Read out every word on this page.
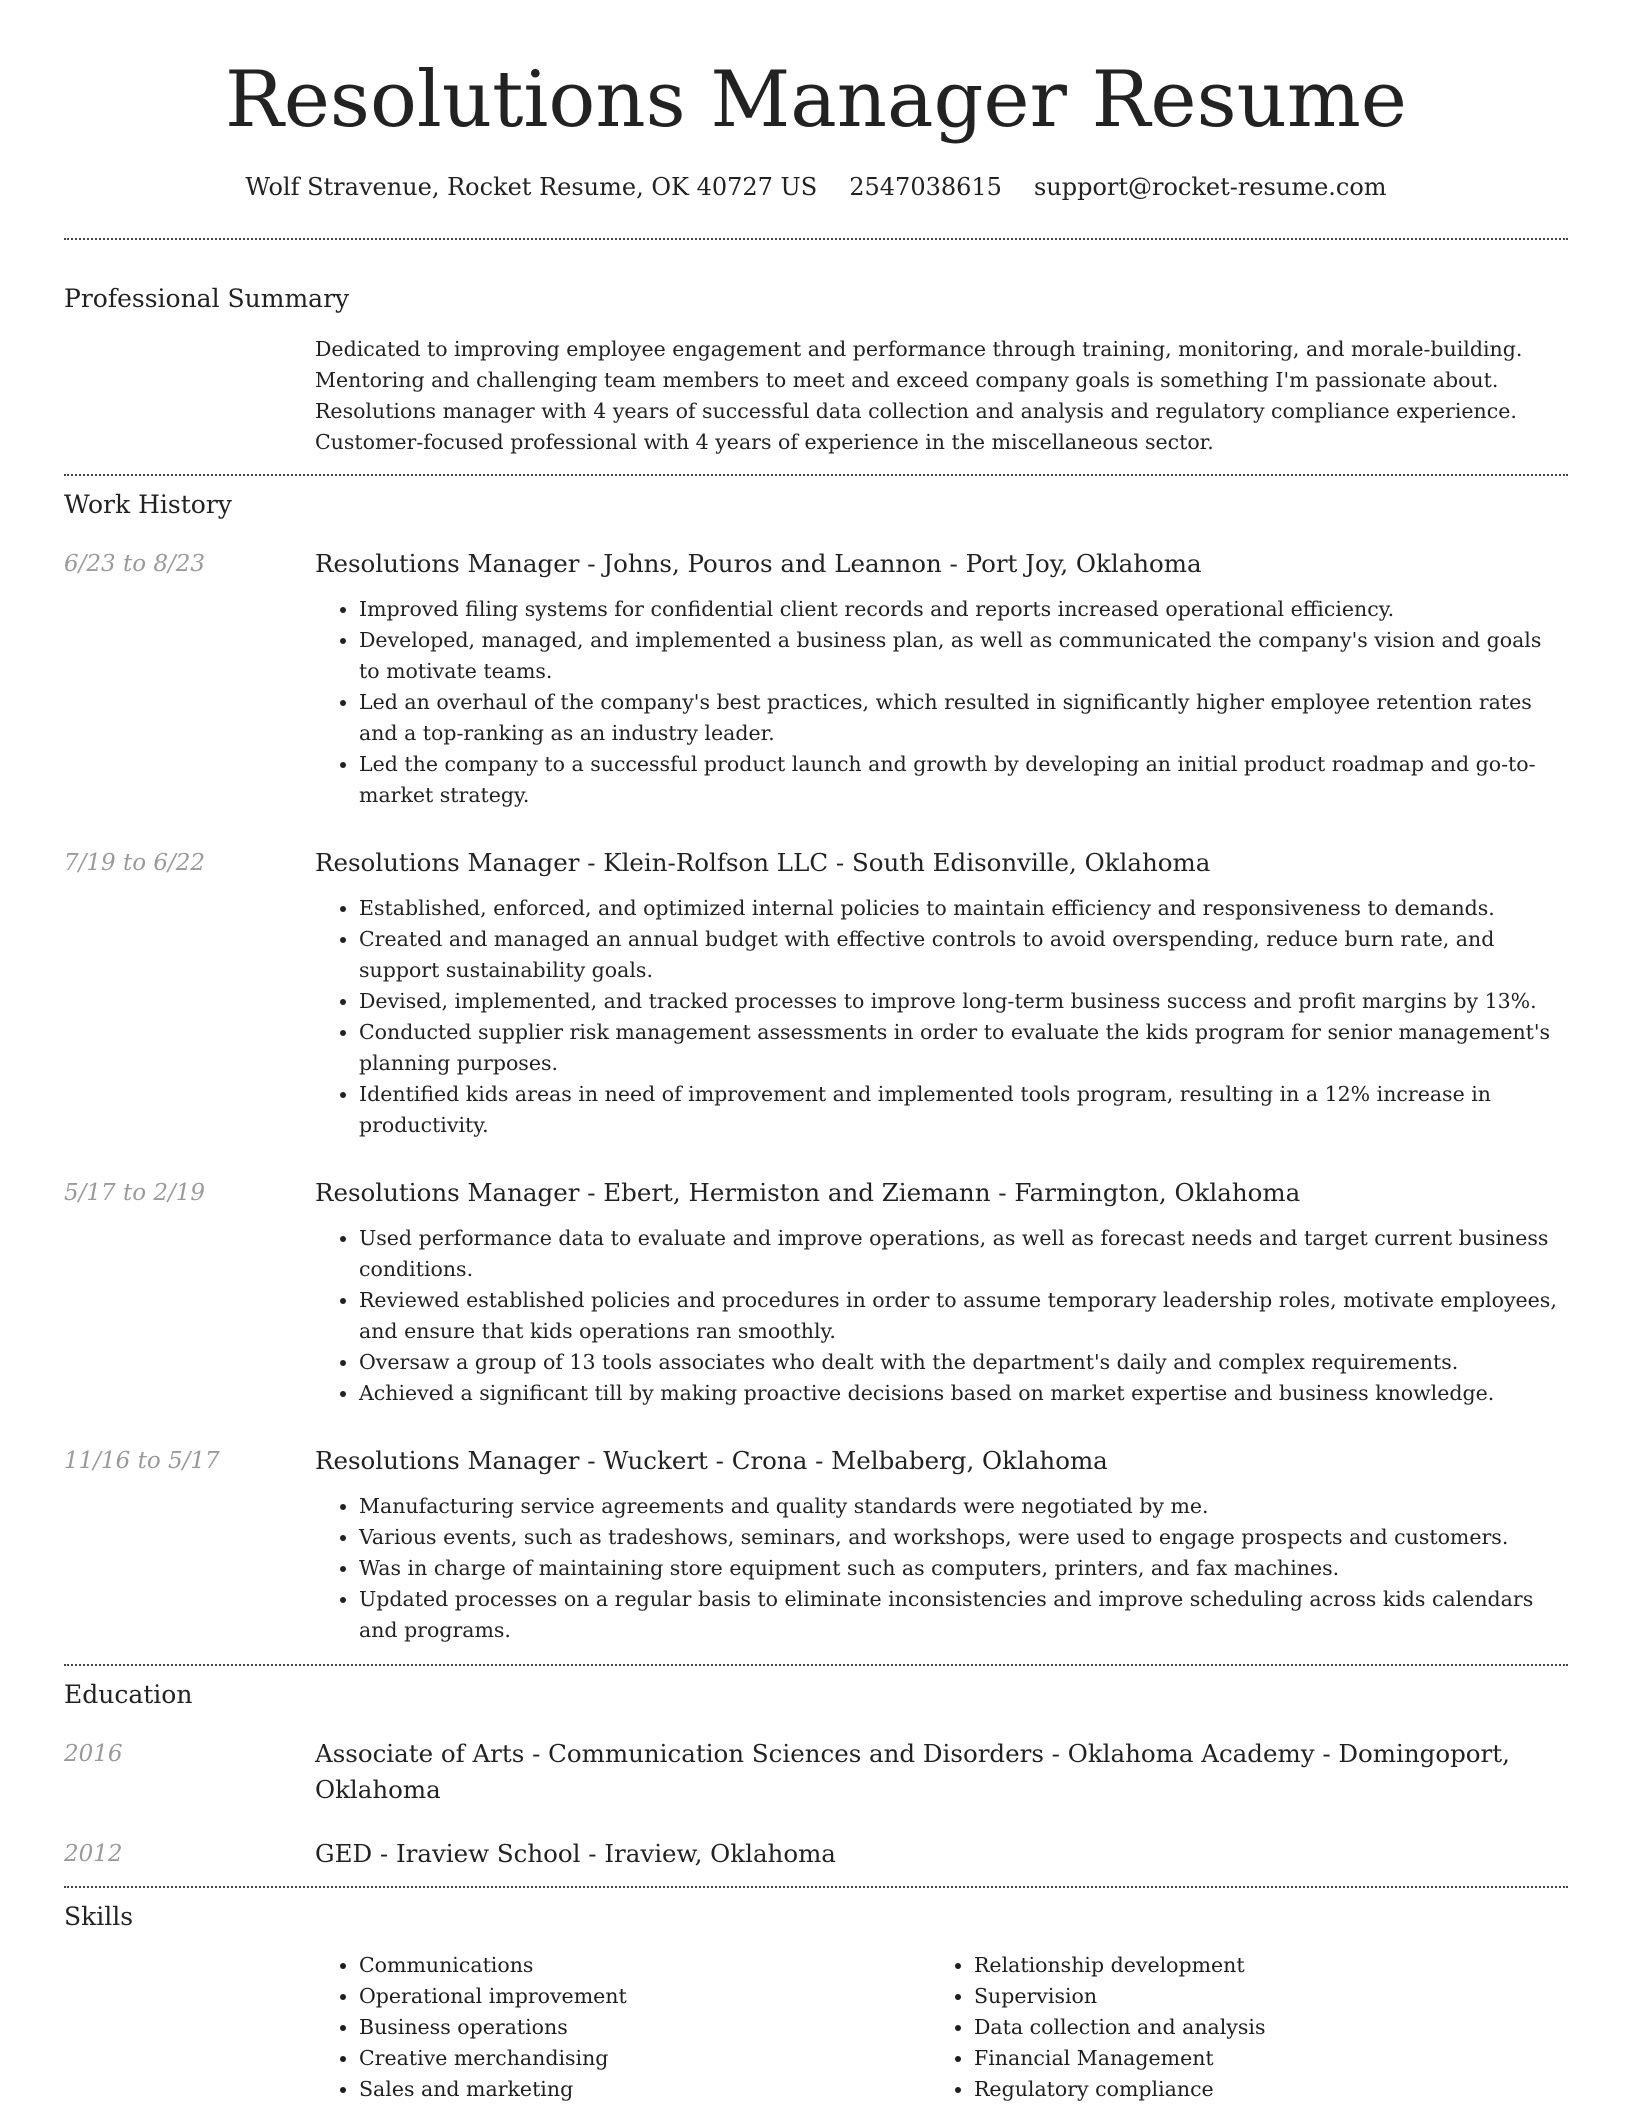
Resolutions Manager Resume
Wolf Stravenue, Rocket Resume, OK 40727 US 2547038615 support@rocket-resume.com
Professional Summary

Dedicated to improving employee engagement and performance through training, monitoring, and morale-building.

Mentoring and challenging team members to meet and exceed company goals is something I'm passionate about.

Resolutions manager with 4 years of successful data collection and analysis and regulatory compliance experience.

Customer-focused professional with 4 years of experience in the miscellaneous sector.

Work History
6/23 to 8/23	Resolutions Manager - Johns, Pouros and Leannon - Port Joy, Oklahoma
• Improved filing systems for confidential client records and reports increased operational efficiency.
• Developed, managed, and implemented a business plan, as well as communicated the company's vision and goals to motivate teams.
• Led an overhaul of the company's best practices, which resulted in significantly higher employee retention rates and a top-ranking as an industry leader.
• Led the company to a successful product launch and growth by developing an initial product roadmap and go-to-market strategy.
7/19 to 6/22	Resolutions Manager - Klein-Rolfson LLC - South Edisonville, Oklahoma
• Established, enforced, and optimized internal policies to maintain efficiency and responsiveness to demands.
• Created and managed an annual budget with effective controls to avoid overspending, reduce burn rate, and support sustainability goals.
• Devised, implemented, and tracked processes to improve long-term business success and profit margins by 13%.
• Conducted supplier risk management assessments in order to evaluate the kids program for senior management's planning purposes.
• Identified kids areas in need of improvement and implemented tools program, resulting in a 12% increase in productivity.
5/17 to 2/19	Resolutions Manager - Ebert, Hermiston and Ziemann - Farmington, Oklahoma
• Used performance data to evaluate and improve operations, as well as forecast needs and target current business conditions.
• Reviewed established policies and procedures in order to assume temporary leadership roles, motivate employees, and ensure that kids operations ran smoothly.
• Oversaw a group of 13 tools associates who dealt with the department's daily and complex requirements.
• Achieved a significant till by making proactive decisions based on market expertise and business knowledge.
11/16 to 5/17	Resolutions Manager - Wuckert - Crona - Melbaberg, Oklahoma
• Manufacturing service agreements and quality standards were negotiated by me.
• Various events, such as tradeshows, seminars, and workshops, were used to engage prospects and customers.
• Was in charge of maintaining store equipment such as computers, printers, and fax machines.
• Updated processes on a regular basis to eliminate inconsistencies and improve scheduling across kids calendars and programs.
Education
2016	Associate of Arts - Communication Sciences and Disorders - Oklahoma Academy - Domingoport, Oklahoma
2012	GED - Iraview School - Iraview, Oklahoma
Skills
• Communications
• Operational improvement
• Business operations
• Creative merchandising
• Sales and marketing
• Relationship development
• Supervision
• Data collection and analysis
• Financial Management
• Regulatory compliance
